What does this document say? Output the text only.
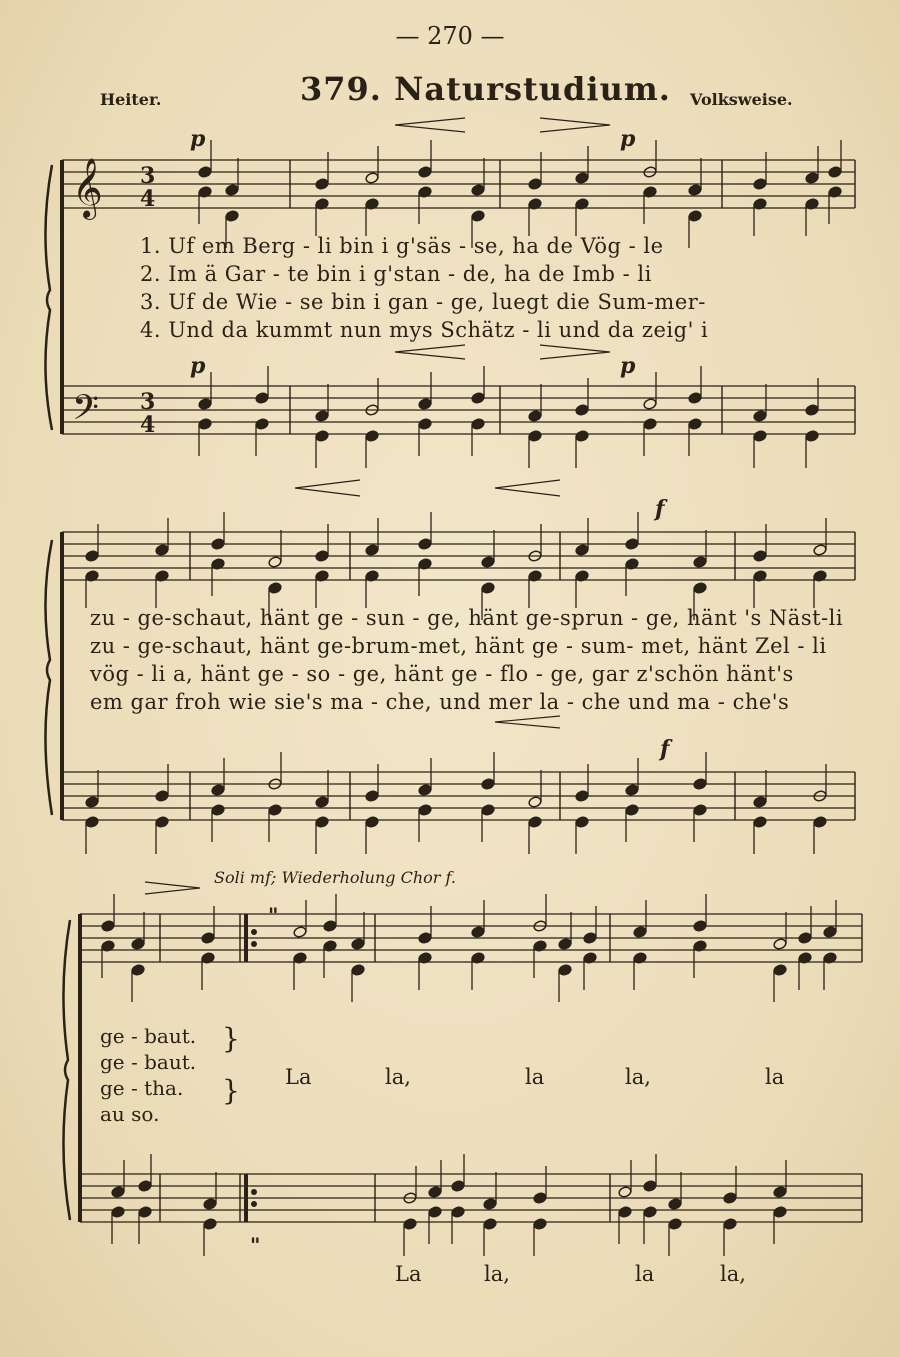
— 270 —
Heiter.	379. Naturstudium. Volksweise.
𝄞 3
4
𝄢 3
4
"
"
p	p
p	p
f
f
1. Uf em Berg - li bin i g'säs - se, ha de Vög - le
2. Im ä Gar - te bin i g'stan - de, ha de Imb - li
3. Uf de Wie - se bin i gan - ge, luegt die Sum-mer-
4. Und da kummt nun mys Schätz - li und da zeig' i
zu - ge-schaut, hänt ge - sun - ge, hänt ge-sprun - ge, hänt 's Näst-li
zu - ge-schaut, hänt ge-brum-met, hänt ge - sum- met, hänt Zel - li
vög - li a, hänt ge - so - ge, hänt ge - flo - ge, gar z'schön hänt's
em gar froh wie sie's ma - che, und mer la - che und ma - che's
Soli mf; Wiederholung Chor f.
ge - baut.
ge - baut.
ge - tha.
au so.
}
} La	la,	la	la,	la
La	la,	la	la,
